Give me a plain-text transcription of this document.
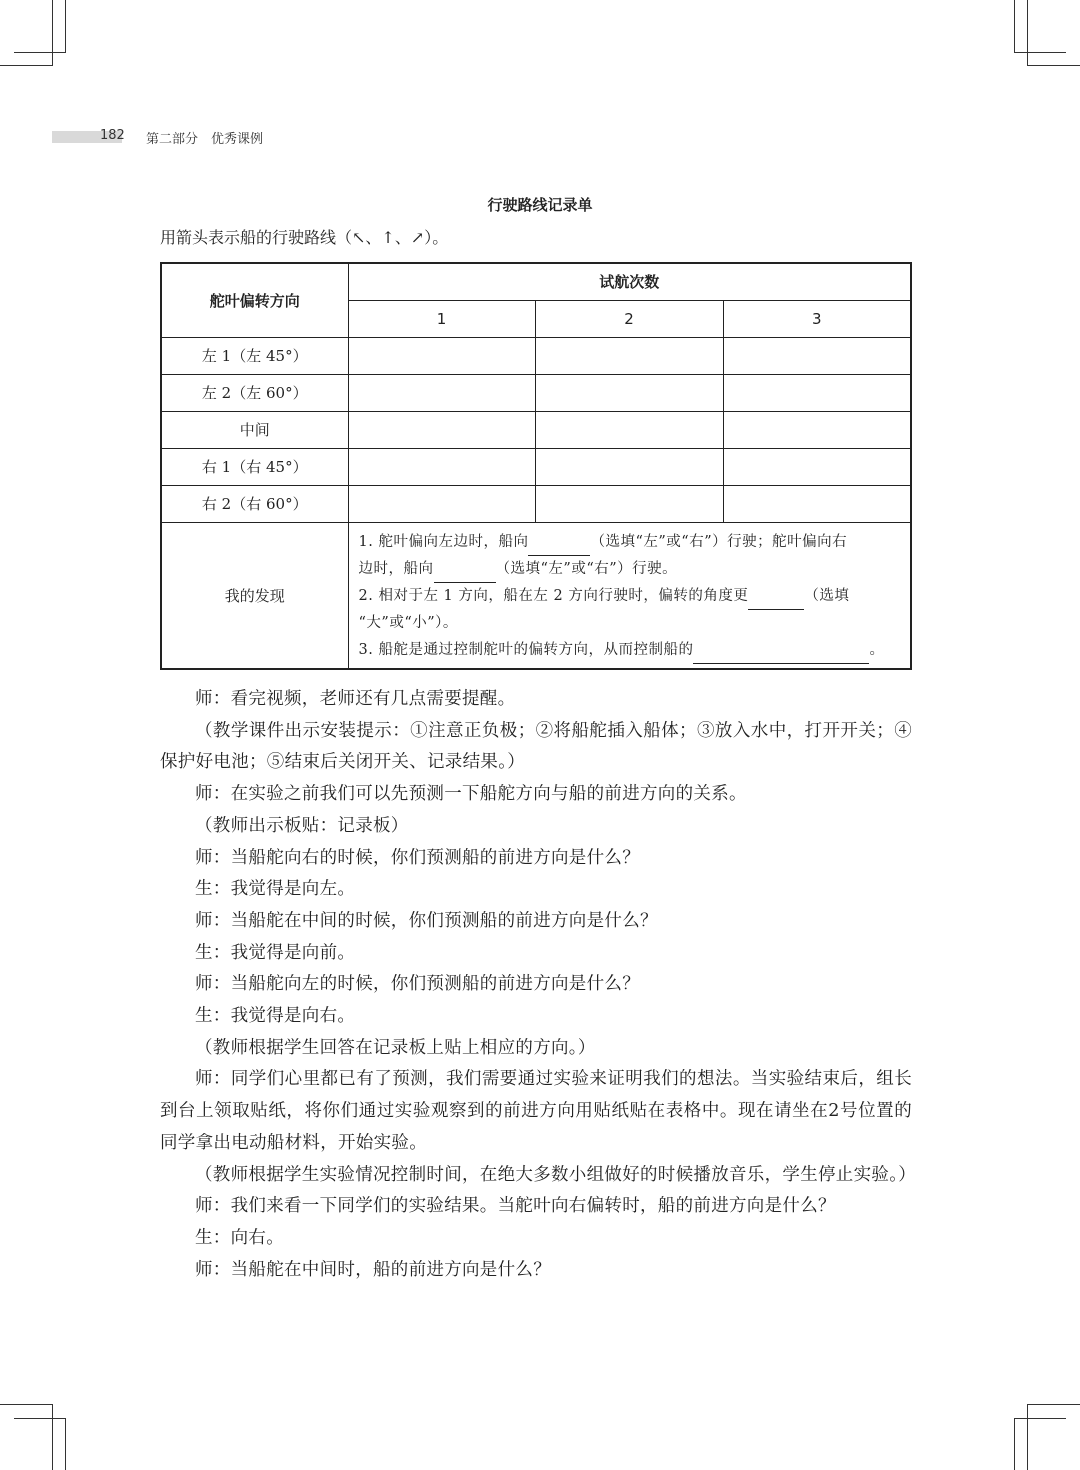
182 第二部分　优秀课例
行驶路线记录单
用箭头表示船的行驶路线（↖、↑、↗）。
舵叶偏转方向	试航次数		
	1	2	3
左 1（左 45°）			
左 2（左 60°）			
中间			
右 1（右 45°）			
右 2（右 60°）			
我的发现	1. 舵叶偏向左边时，船向 （选填“左”或“右”）行驶；舵叶偏向右
边时，船向 （选填“左”或“右”）行驶。
2. 相对于左 1 方向，船在左 2 方向行驶时，偏转的角度更 （选填
“大”或“小”）。
3. 船舵是通过控制舵叶的偏转方向，从而控制船的 。		

师：看完视频，老师还有几点需要提醒。

（教学课件出示安装提示：①注意正负极；②将船舵插入船体；③放入水中，打开开关；④保护好电池；⑤结束后关闭开关、记录结果。）

师：在实验之前我们可以先预测一下船舵方向与船的前进方向的关系。

（教师出示板贴：记录板）

师：当船舵向右的时候，你们预测船的前进方向是什么？

生：我觉得是向左。

师：当船舵在中间的时候，你们预测船的前进方向是什么？

生：我觉得是向前。

师：当船舵向左的时候，你们预测船的前进方向是什么？

生：我觉得是向右。

（教师根据学生回答在记录板上贴上相应的方向。）

师：同学们心里都已有了预测，我们需要通过实验来证明我们的想法。当实验结束后，组长到台上领取贴纸，将你们通过实验观察到的前进方向用贴纸贴在表格中。现在请坐在2号位置的同学拿出电动船材料，开始实验。

（教师根据学生实验情况控制时间，在绝大多数小组做好的时候播放音乐，学生停止实验。）

师：我们来看一下同学们的实验结果。当舵叶向右偏转时，船的前进方向是什么？

生：向右。

师：当船舵在中间时，船的前进方向是什么？
